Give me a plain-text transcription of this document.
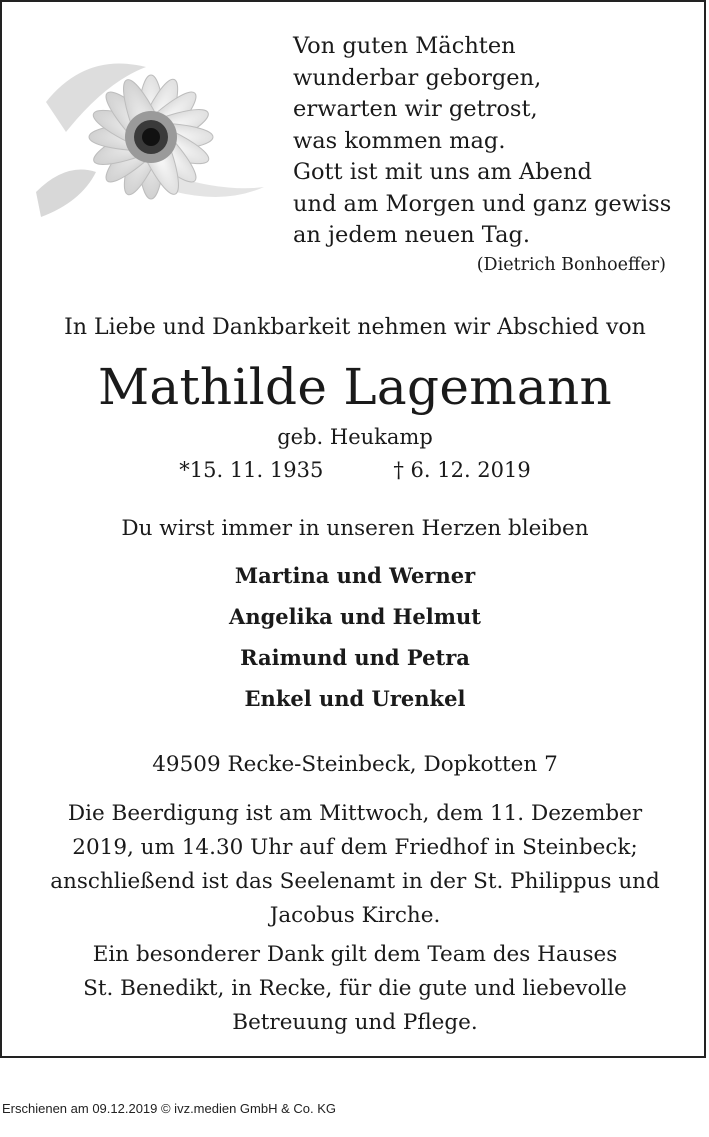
Von guten Mächten
wunderbar geborgen,
erwarten wir getrost,
was kommen mag.
Gott ist mit uns am Abend
und am Morgen und ganz gewiss
an jedem neuen Tag.
(Dietrich Bonhoeffer)
In Liebe und Dankbarkeit nehmen wir Abschied von
Mathilde Lagemann
geb. Heukamp
*15. 11. 1935	† 6. 12. 2019
Du wirst immer in unseren Herzen bleiben
Martina und Werner
Angelika und Helmut
Raimund und Petra
Enkel und Urenkel
49509 Recke-Steinbeck, Dopkotten 7
Die Beerdigung ist am Mittwoch, dem 11. Dezember
2019, um 14.30 Uhr auf dem Friedhof in Steinbeck;
anschließend ist das Seelenamt in der St. Philippus und
Jacobus Kirche.
Ein besonderer Dank gilt dem Team des Hauses
St. Benedikt, in Recke, für die gute und liebevolle
Betreuung und Pflege.
Erschienen am 09.12.2019 © ivz.medien GmbH & Co. KG
